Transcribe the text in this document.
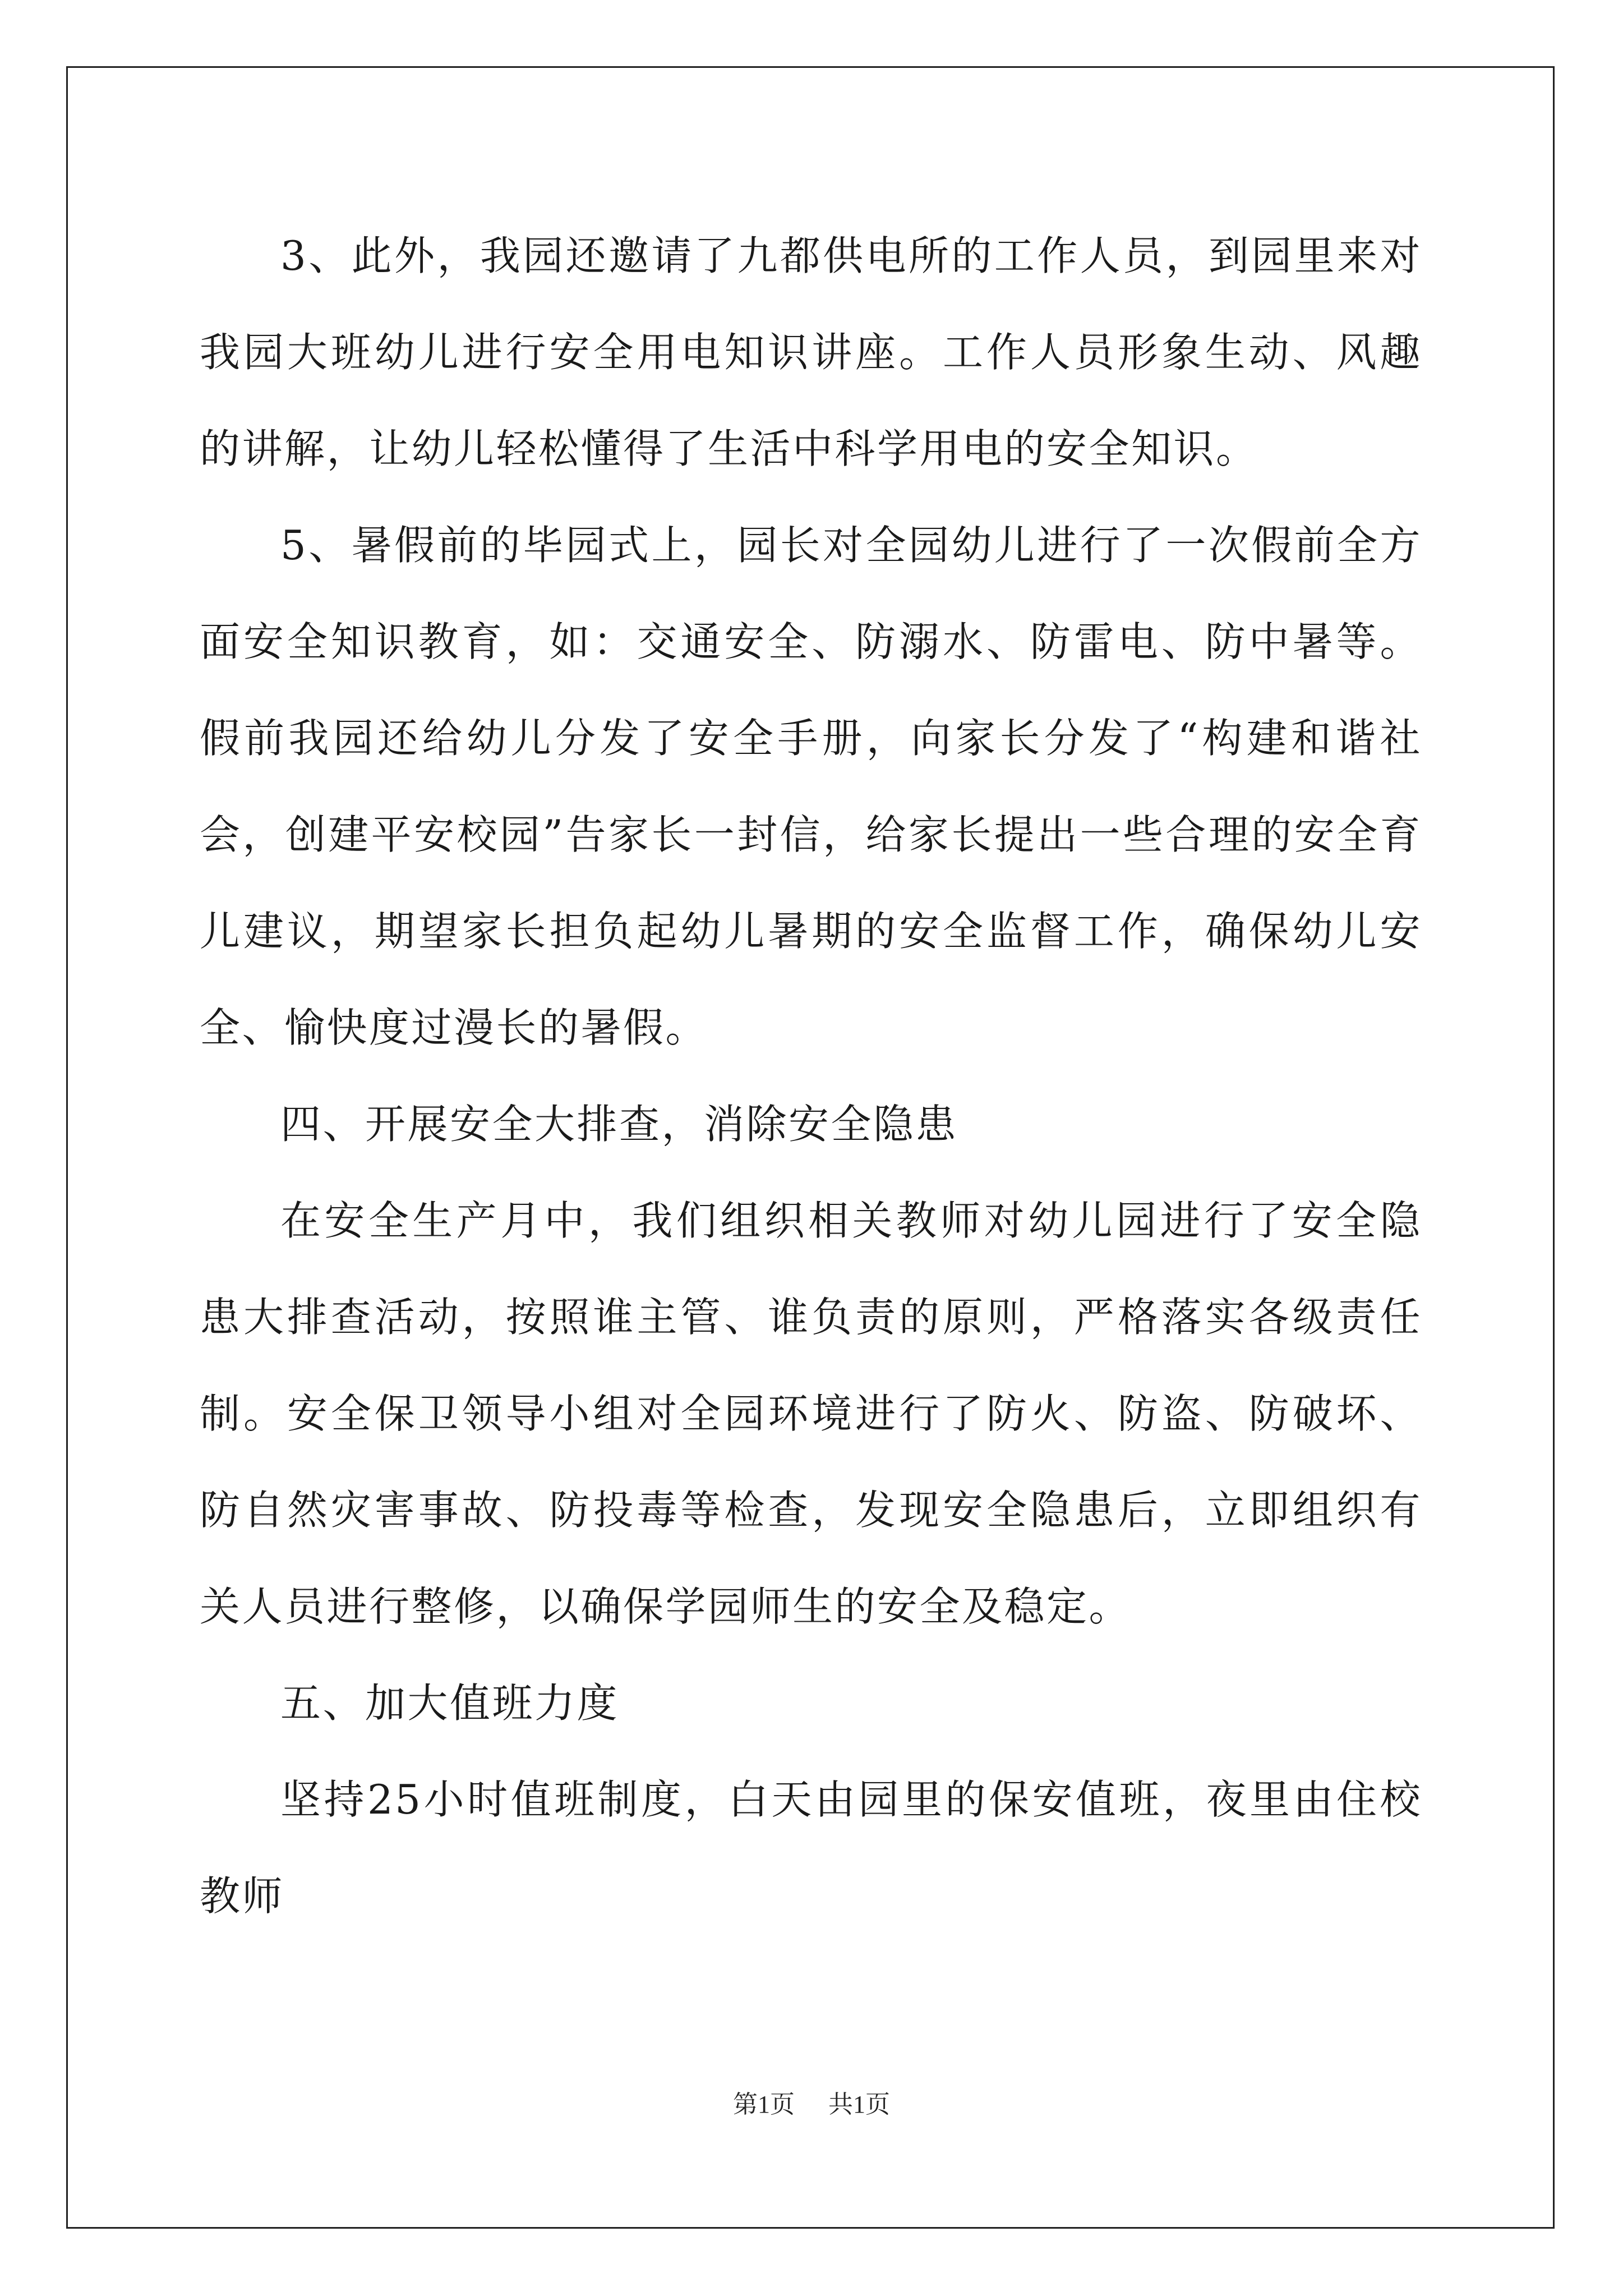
3、此外，我园还邀请了九都供电所的工作人员，到园里来对我园大班幼儿进行安全用电知识讲座。工作人员形象生动、风趣的讲解，让幼儿轻松懂得了生活中科学用电的安全知识。

5、暑假前的毕园式上，园长对全园幼儿进行了一次假前全方面安全知识教育，如：交通安全、防溺水、防雷电、防中暑等。假前我园还给幼儿分发了安全手册，向家长分发了“构建和谐社会，创建平安校园”告家长一封信，给家长提出一些合理的安全育儿建议，期望家长担负起幼儿暑期的安全监督工作，确保幼儿安全、愉快度过漫长的暑假。

四、开展安全大排查，消除安全隐患

在安全生产月中，我们组织相关教师对幼儿园进行了安全隐患大排查活动，按照谁主管、谁负责的原则，严格落实各级责任制。安全保卫领导小组对全园环境进行了防火、防盗、防破坏、防自然灾害事故、防投毒等检查，发现安全隐患后，立即组织有关人员进行整修，以确保学园师生的安全及稳定。

五、加大值班力度

坚持25小时值班制度，白天由园里的保安值班，夜里由住校教师

第1页 共1页
